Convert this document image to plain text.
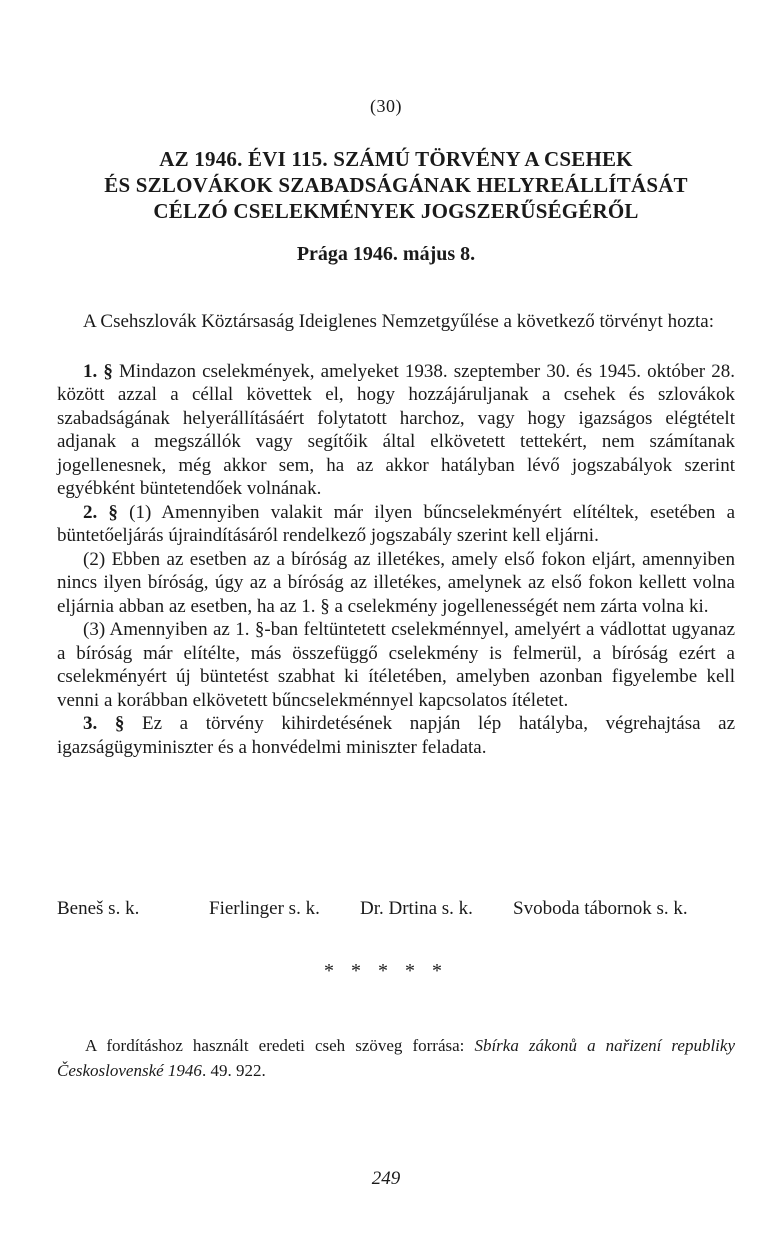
(30)
AZ 1946. ÉVI 115. SZÁMÚ TÖRVÉNY A CSEHEK
ÉS SZLOVÁKOK SZABADSÁGÁNAK HELYREÁLLÍTÁSÁT
CÉLZÓ CSELEKMÉNYEK JOGSZERŰSÉGÉRŐL
Prága 1946. május 8.

A Csehszlovák Köztársaság Ideiglenes Nemzetgyűlése a következő törvényt hozta:

1. § Mindazon cselekmények, amelyeket 1938. szeptember 30. és 1945. október 28. között azzal a céllal követtek el, hogy hozzájáruljanak a csehek és szlovákok szabadságának helyerállításáért folytatott harchoz, vagy hogy igazságos elégtételt adjanak a megszállók vagy segítőik által elkövetett tettekért, nem számítanak jogellenesnek, még akkor sem, ha az akkor hatályban lévő jogszabályok szerint egyébként büntetendőek volnának.

2. § (1) Amennyiben valakit már ilyen bűncselekményért elítéltek, esetében a büntetőeljárás újraindításáról rendelkező jogszabály szerint kell eljárni.

(2) Ebben az esetben az a bíróság az illetékes, amely első fokon eljárt, amennyiben nincs ilyen bíróság, úgy az a bíróság az illetékes, amelynek az első fokon kellett volna eljárnia abban az esetben, ha az 1. § a cselekmény jogellenességét nem zárta volna ki.

(3) Amennyiben az 1. §-ban feltüntetett cselekménnyel, amelyért a vádlottat ugyanaz a bíróság már elítélte, más összefüggő cselekmény is felmerül, a bíróság ezért a cselekményért új büntetést szabhat ki ítéletében, amelyben azonban figyelembe kell venni a korábban elkövetett bűncselekménnyel kapcsolatos ítéletet.

3. § Ez a törvény kihirdetésének napján lép hatályba, végrehajtása az igazságügyminiszter és a honvédelmi miniszter feladata.

Beneš s. k.	Fierlinger s. k. Dr. Drtina s. k. Svoboda tábornok s. k.
* * * * *

A fordításhoz használt eredeti cseh szöveg forrása: Sbírka zákonů a nařizení republiky Československé 1946. 49. 922.

249
